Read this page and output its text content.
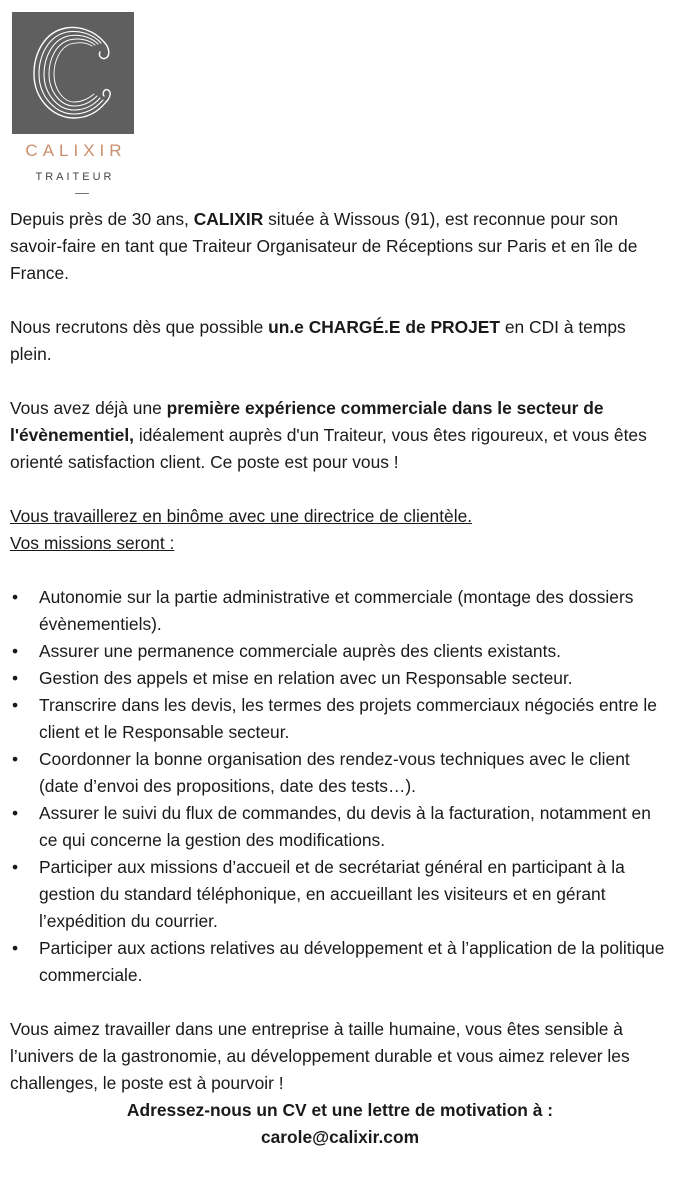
CALIXIR
TRAITEUR

Depuis près de 30 ans, CALIXIR située à Wissous (91), est reconnue pour son savoir-faire en tant que Traiteur Organisateur de Réceptions sur Paris et en île de France.

Nous recrutons dès que possible un.e CHARGÉ.E de PROJET en CDI à temps plein.

Vous avez déjà une première expérience commerciale dans le secteur de l'évènementiel, idéalement auprès d'un Traiteur, vous êtes rigoureux, et vous êtes orienté satisfaction client. Ce poste est pour vous !

Vous travaillerez en binôme avec une directrice de clientèle.
Vos missions seront :
• Autonomie sur la partie administrative et commerciale (montage des dossiers évènementiels).
• Assurer une permanence commerciale auprès des clients existants.
• Gestion des appels et mise en relation avec un Responsable secteur.
• Transcrire dans les devis, les termes des projets commerciaux négociés entre le client et le Responsable secteur.
• Coordonner la bonne organisation des rendez-vous techniques avec le client (date d’envoi des propositions, date des tests…).
• Assurer le suivi du flux de commandes, du devis à la facturation, notamment en ce qui concerne la gestion des modifications.
• Participer aux missions d’accueil et de secrétariat général en participant à la gestion du standard téléphonique, en accueillant les visiteurs et en gérant l’expédition du courrier.
• Participer aux actions relatives au développement et à l’application de la politique commerciale.

Vous aimez travailler dans une entreprise à taille humaine, vous êtes sensible à l’univers de la gastronomie, au développement durable et vous aimez relever les challenges, le poste est à pourvoir !

Adressez-nous un CV et une lettre de motivation à :
carole@calixir.com
